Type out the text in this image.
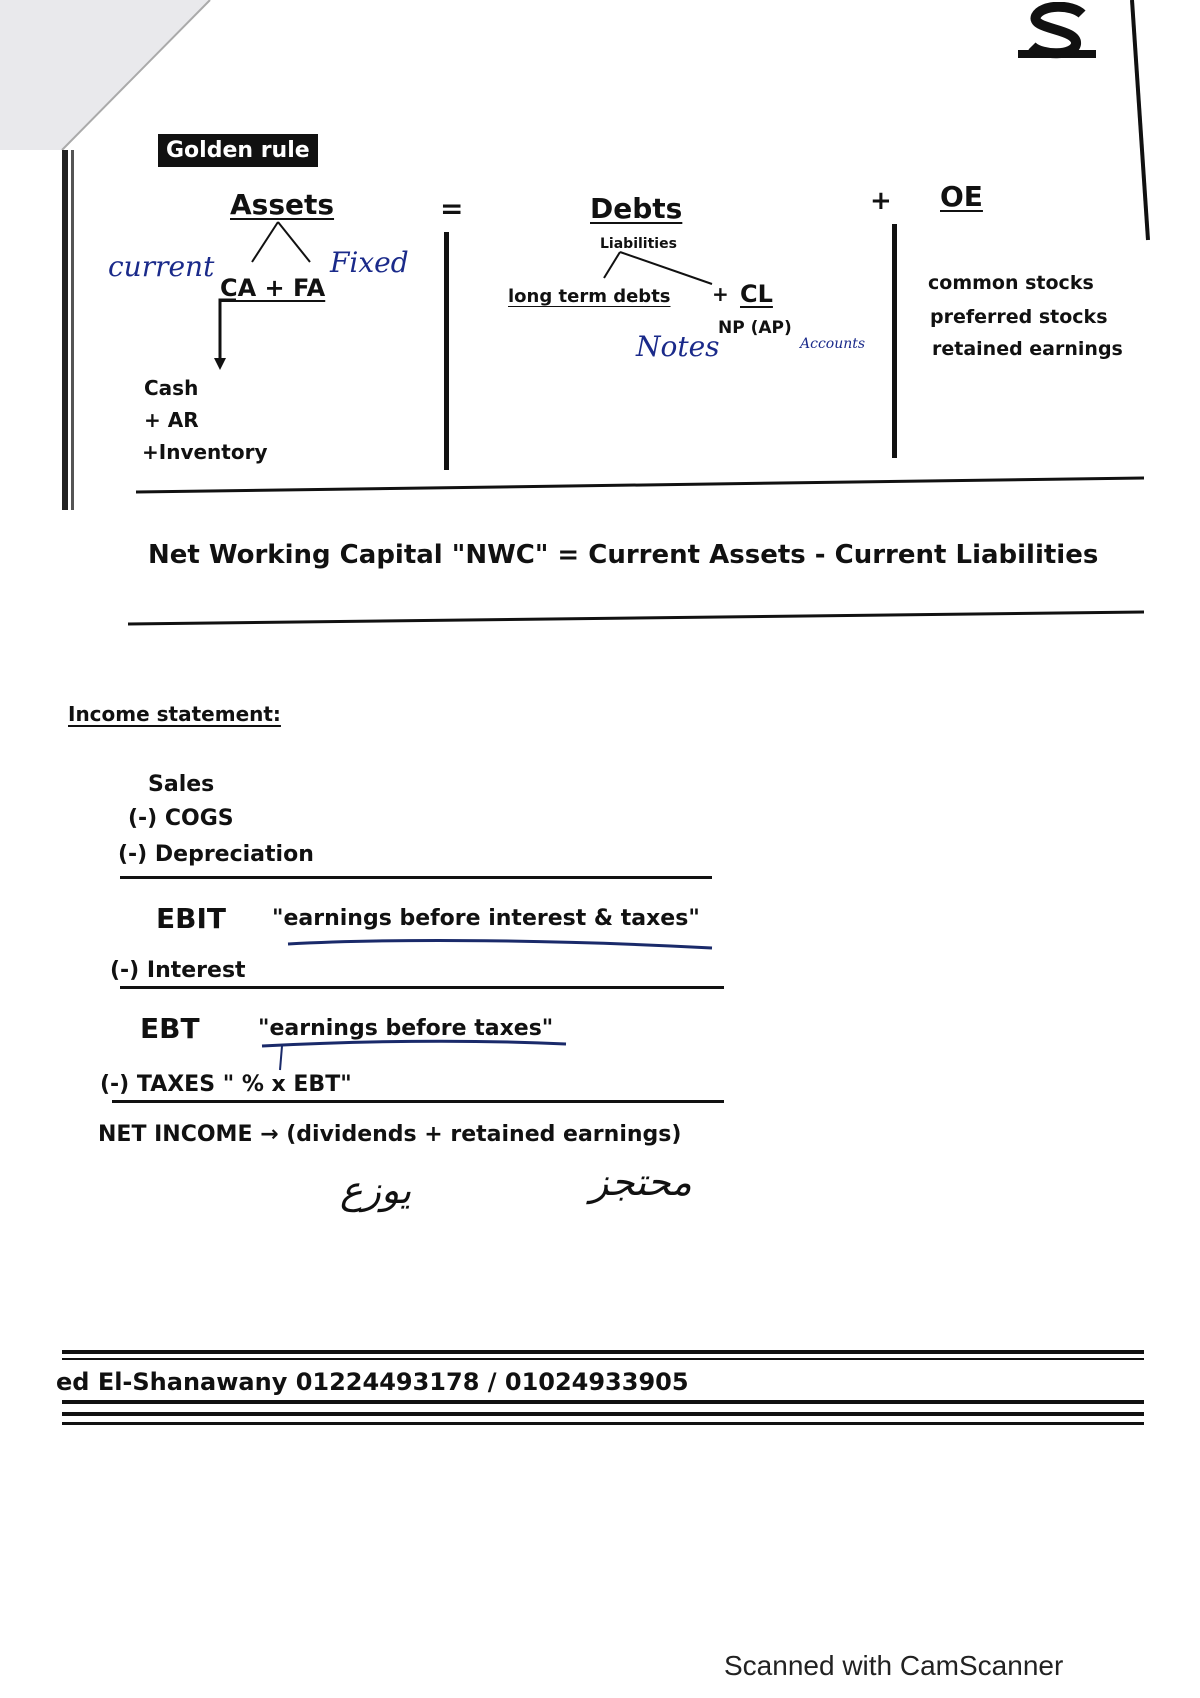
Golden rule
Assets	=	Debts	+ OE
Liabilities
current	Fixed
CA + FA
Cash
+ AR
+Inventory
long term debts + CL
NP (AP)
Notes	Accounts
common stocks
preferred stocks
retained earnings
Net Working Capital "NWC" = Current Assets - Current Liabilities
Income statement:
Sales
(-) COGS
(-) Depreciation
EBIT "earnings before interest & taxes"
(-) Interest
EBT	"earnings before taxes"
(-) TAXES " % x EBT"
NET INCOME → (dividends + retained earnings)
يوزع	محتجز
ed El-Shanawany 01224493178 / 01024933905
Scanned with CamScanner
